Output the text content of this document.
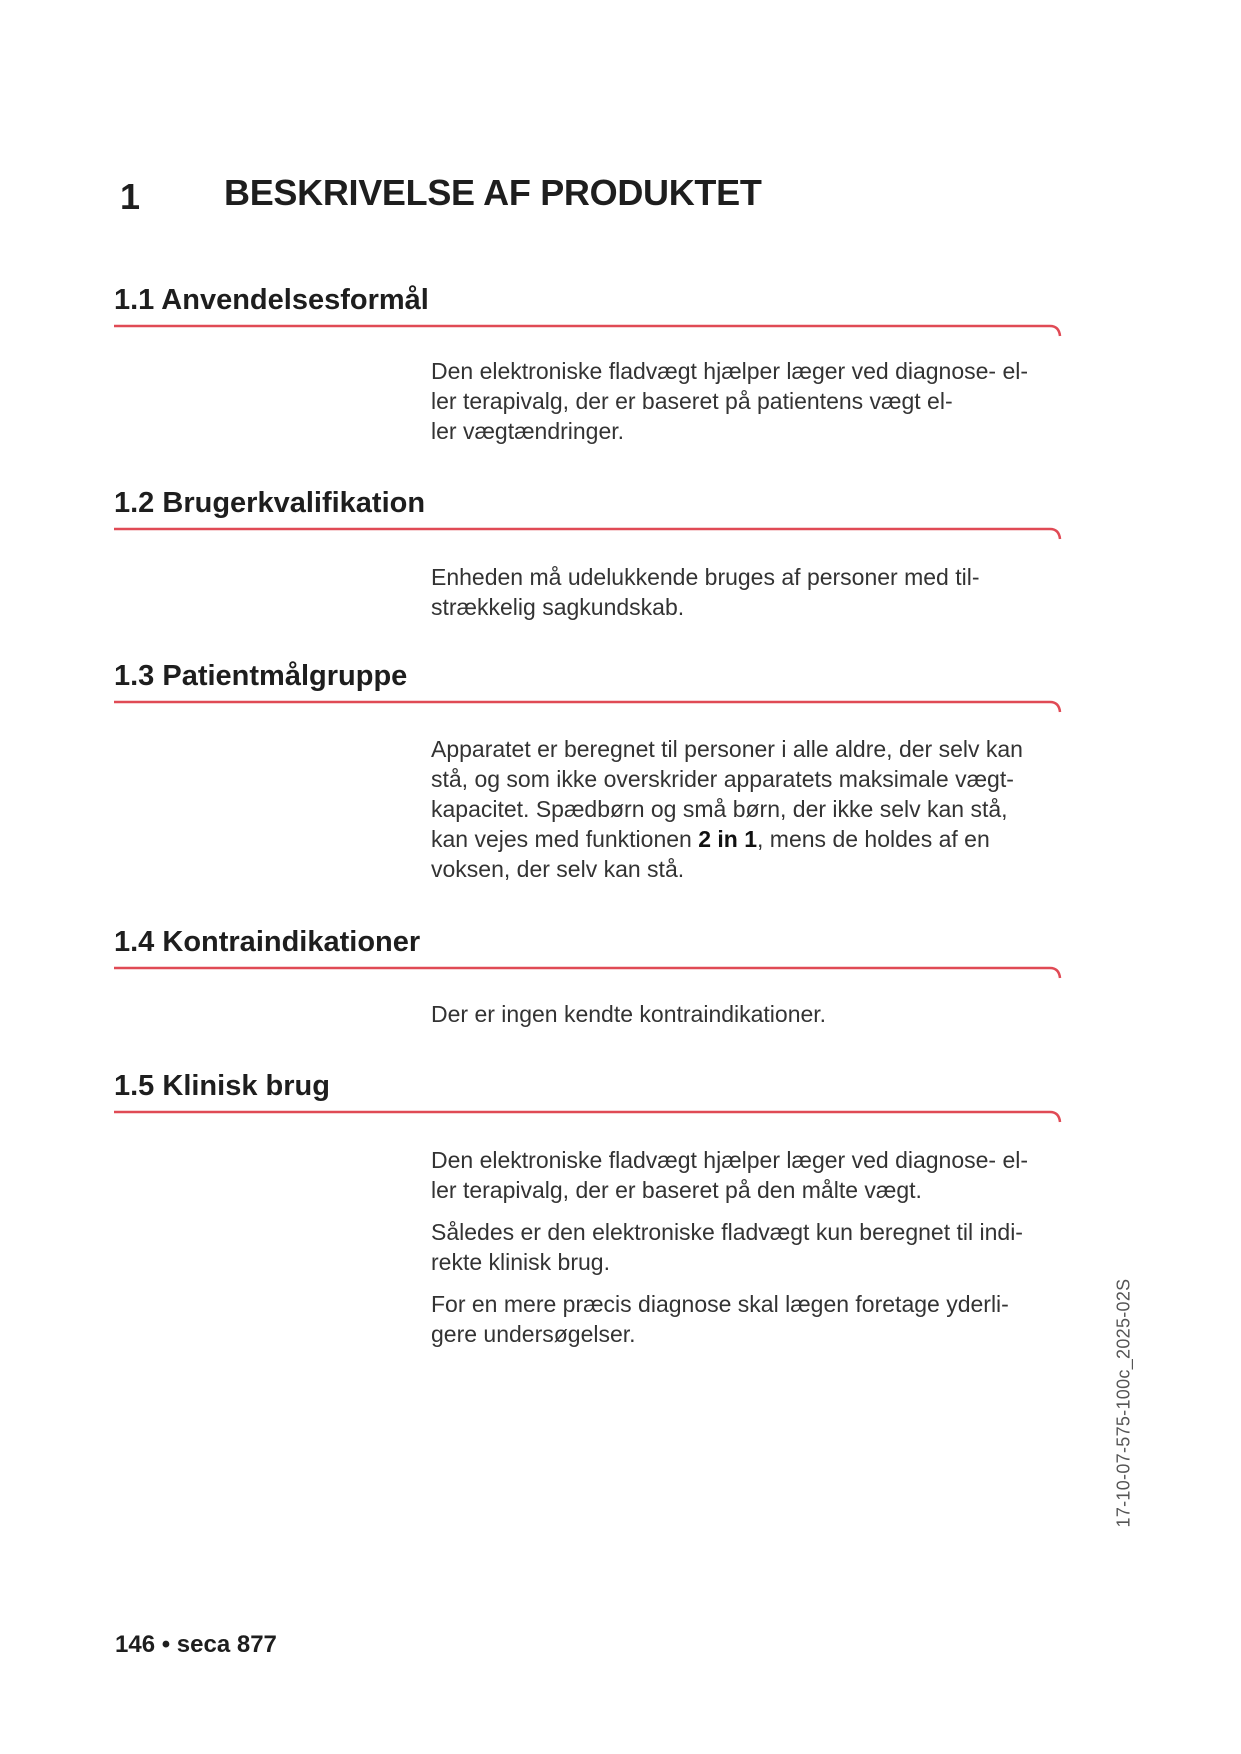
1 BESKRIVELSE AF PRODUKTET
1.1 Anvendelsesformål

Den elektroniske fladvægt hjælper læger ved diagnose- el-
ler terapivalg, der er baseret på patientens vægt el-
ler vægtændringer.

1.2 Brugerkvalifikation

Enheden må udelukkende bruges af personer med til-
strækkelig sagkundskab.

1.3 Patientmålgruppe

Apparatet er beregnet til personer i alle aldre, der selv kan
stå, og som ikke overskrider apparatets maksimale vægt-
kapacitet. Spædbørn og små børn, der ikke selv kan stå,
kan vejes med funktionen 2 in 1, mens de holdes af en
voksen, der selv kan stå.

1.4 Kontraindikationer

Der er ingen kendte kontraindikationer.

1.5 Klinisk brug

Den elektroniske fladvægt hjælper læger ved diagnose- el-
ler terapivalg, der er baseret på den målte vægt.

Således er den elektroniske fladvægt kun beregnet til indi-
rekte klinisk brug.

For en mere præcis diagnose skal lægen foretage yderli-
gere undersøgelser.	17-10-07-575-100c_2025-02S
146 • seca 877
